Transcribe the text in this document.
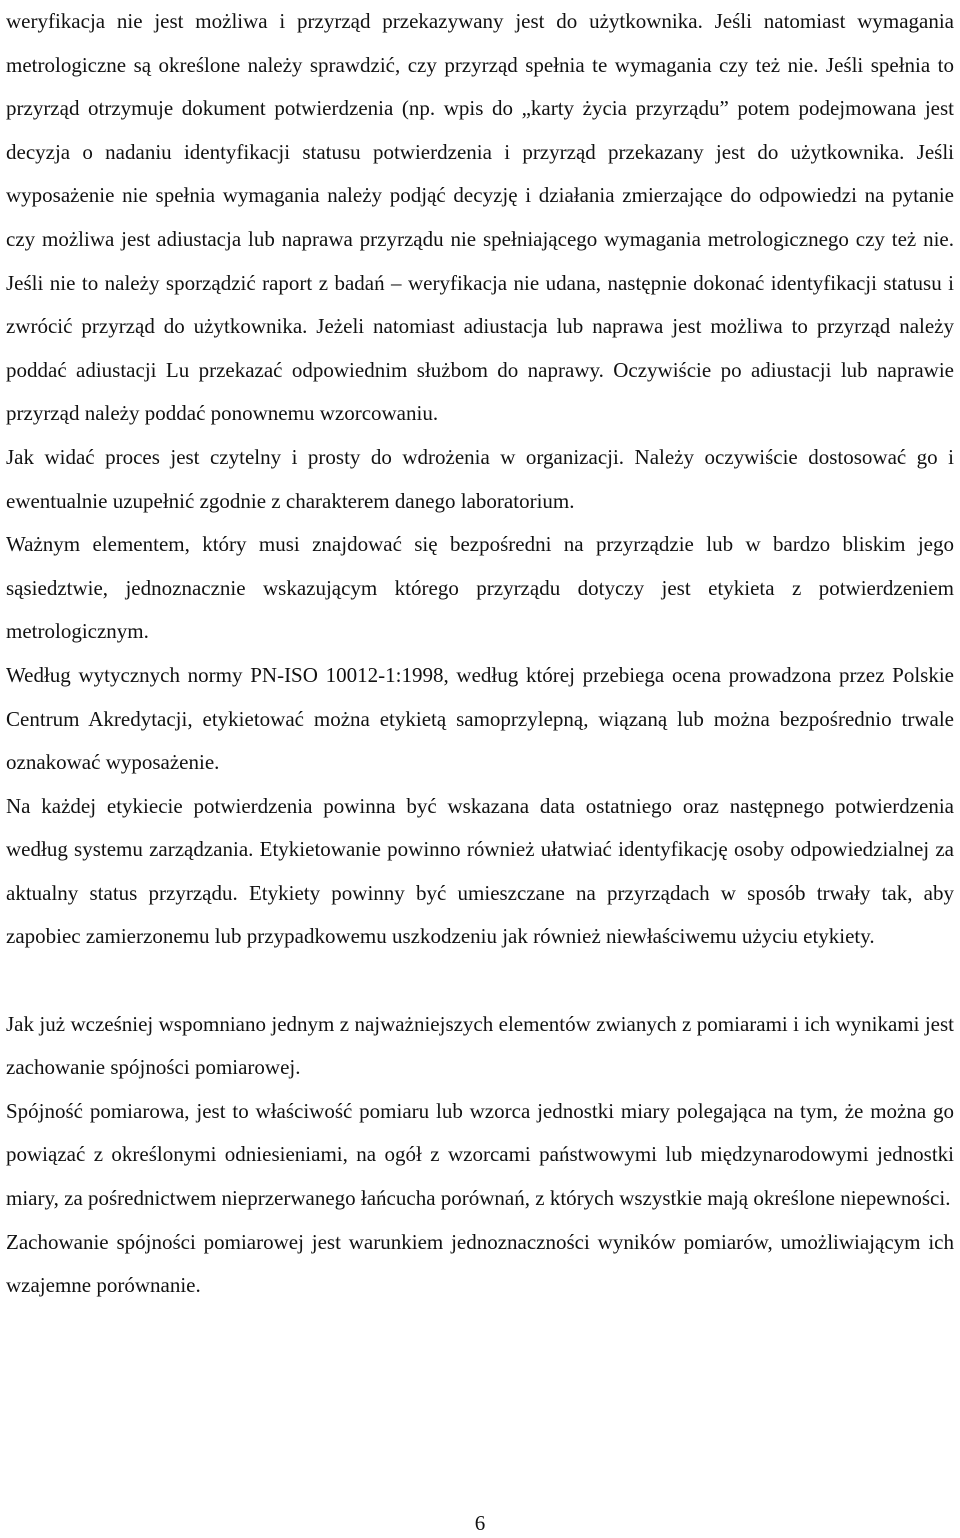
weryfikacja nie jest możliwa i przyrząd przekazywany jest do użytkownika. Jeśli natomiast wymagania metrologiczne są określone należy sprawdzić, czy przyrząd spełnia te wymagania czy też nie. Jeśli spełnia to przyrząd otrzymuje dokument potwierdzenia (np. wpis do „karty życia przyrządu” potem podejmowana jest decyzja o nadaniu identyfikacji statusu potwierdzenia i przyrząd przekazany jest do użytkownika. Jeśli wyposażenie nie spełnia wymagania należy podjąć decyzję i działania zmierzające do odpowiedzi na pytanie czy możliwa jest adiustacja lub naprawa przyrządu nie spełniającego wymagania metrologicznego czy też nie. Jeśli nie to należy sporządzić raport z badań – weryfikacja nie udana, następnie dokonać identyfikacji statusu i zwrócić przyrząd do użytkownika. Jeżeli natomiast adiustacja lub naprawa jest możliwa to przyrząd należy poddać adiustacji Lu przekazać odpowiednim służbom do naprawy. Oczywiście po adiustacji lub naprawie przyrząd należy poddać ponownemu wzorcowaniu.

Jak widać proces jest czytelny i prosty do wdrożenia w organizacji. Należy oczywiście dostosować go i ewentualnie uzupełnić zgodnie z charakterem danego laboratorium.

Ważnym elementem, który musi znajdować się bezpośredni na przyrządzie lub w bardzo bliskim jego sąsiedztwie, jednoznacznie wskazującym którego przyrządu dotyczy jest etykieta z potwierdzeniem metrologicznym.

Według wytycznych normy PN-ISO 10012-1:1998, według której przebiega ocena prowadzona przez Polskie Centrum Akredytacji, etykietować można etykietą samoprzylepną, wiązaną lub można bezpośrednio trwale oznakować wyposażenie.

Na każdej etykiecie potwierdzenia powinna być wskazana data ostatniego oraz następnego potwierdzenia według systemu zarządzania. Etykietowanie powinno również ułatwiać identyfikację osoby odpowiedzialnej za aktualny status przyrządu. Etykiety powinny być umieszczane na przyrządach w sposób trwały tak, aby zapobiec zamierzonemu lub przypadkowemu uszkodzeniu jak również niewłaściwemu użyciu etykiety.

Jak już wcześniej wspomniano jednym z najważniejszych elementów zwianych z pomiarami i ich wynikami jest zachowanie spójności pomiarowej.

Spójność pomiarowa, jest to właściwość pomiaru lub wzorca jednostki miary polegająca na tym, że można go powiązać z określonymi odniesieniami, na ogół z wzorcami państwowymi lub międzynarodowymi jednostki miary, za pośrednictwem nieprzerwanego łańcucha porównań, z których wszystkie mają określone niepewności.

Zachowanie spójności pomiarowej jest warunkiem jednoznaczności wyników pomiarów, umożliwiającym ich wzajemne porównanie.

6
